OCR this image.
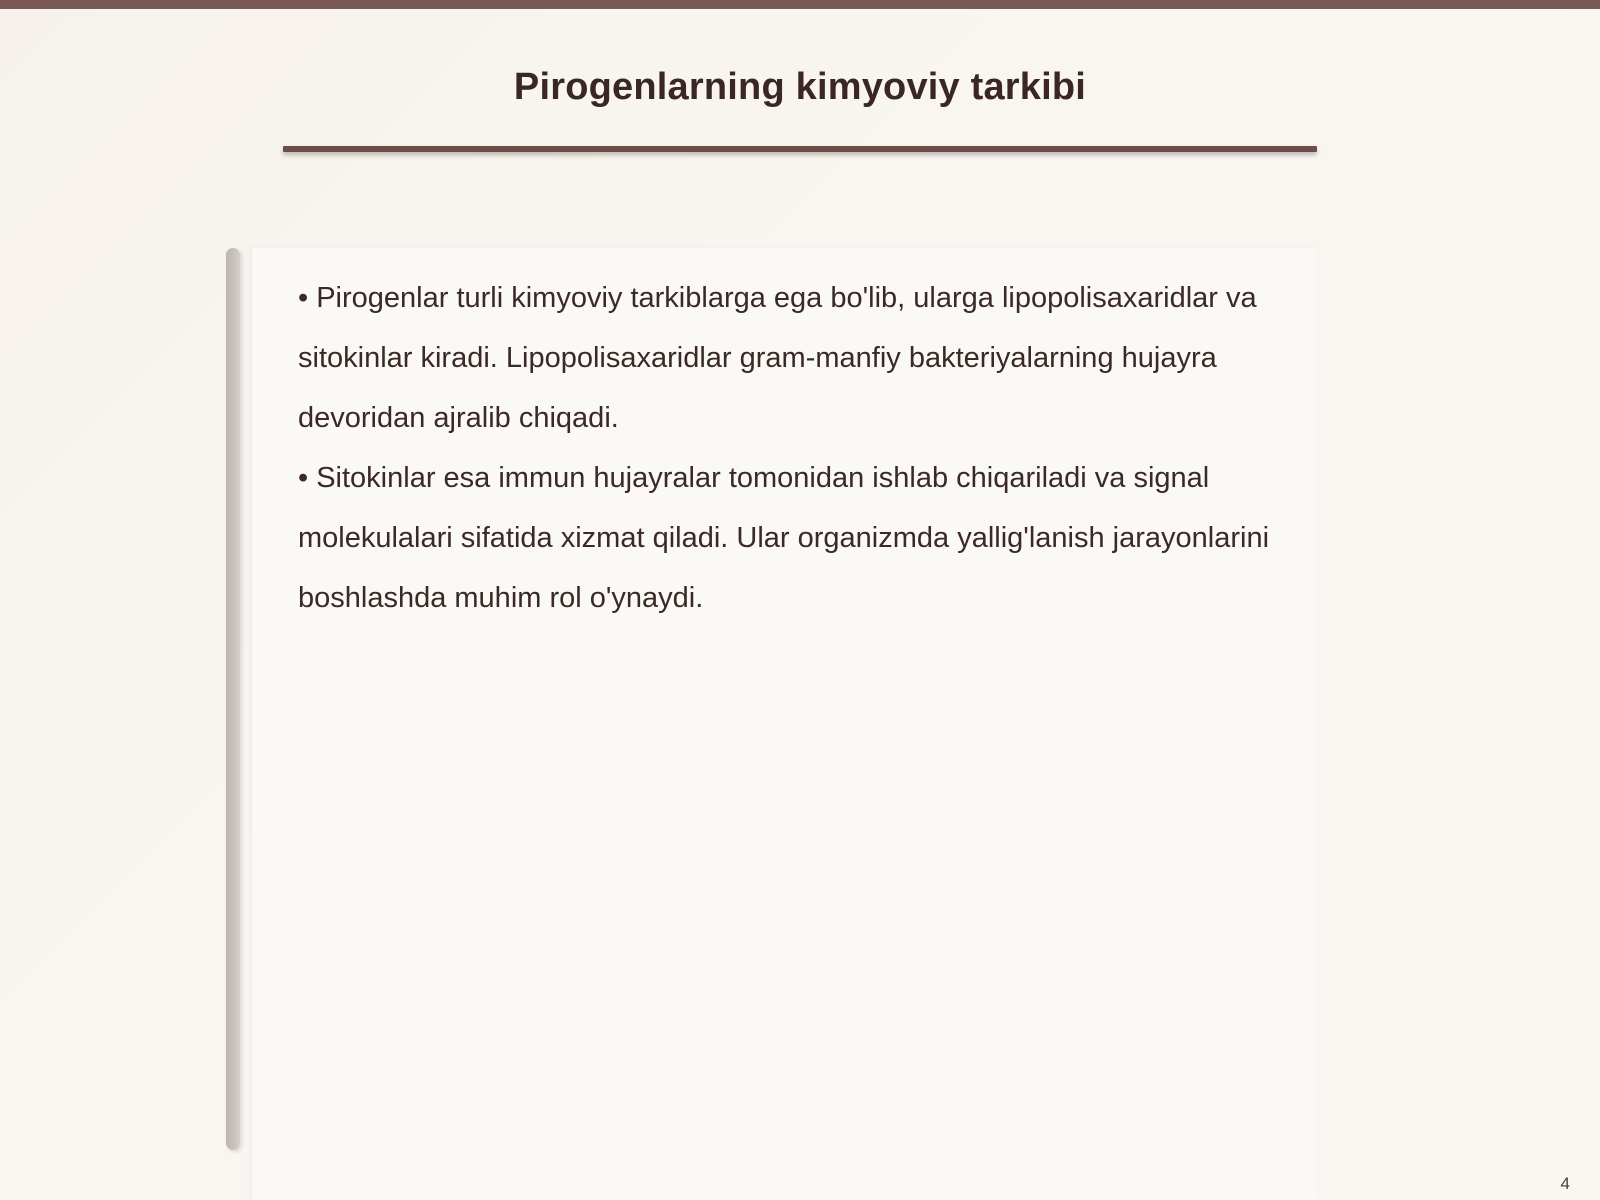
Pirogenlarning kimyoviy tarkibi

• Pirogenlar turli kimyoviy tarkiblarga ega bo'lib, ularga lipopolisaxaridlar va sitokinlar kiradi. Lipopolisaxaridlar gram-manfiy bakteriyalarning hujayra devoridan ajralib chiqadi.

• Sitokinlar esa immun hujayralar tomonidan ishlab chiqariladi va signal molekulalari sifatida xizmat qiladi. Ular organizmda yallig'lanish jarayonlarini boshlashda muhim rol o'ynaydi.

4
